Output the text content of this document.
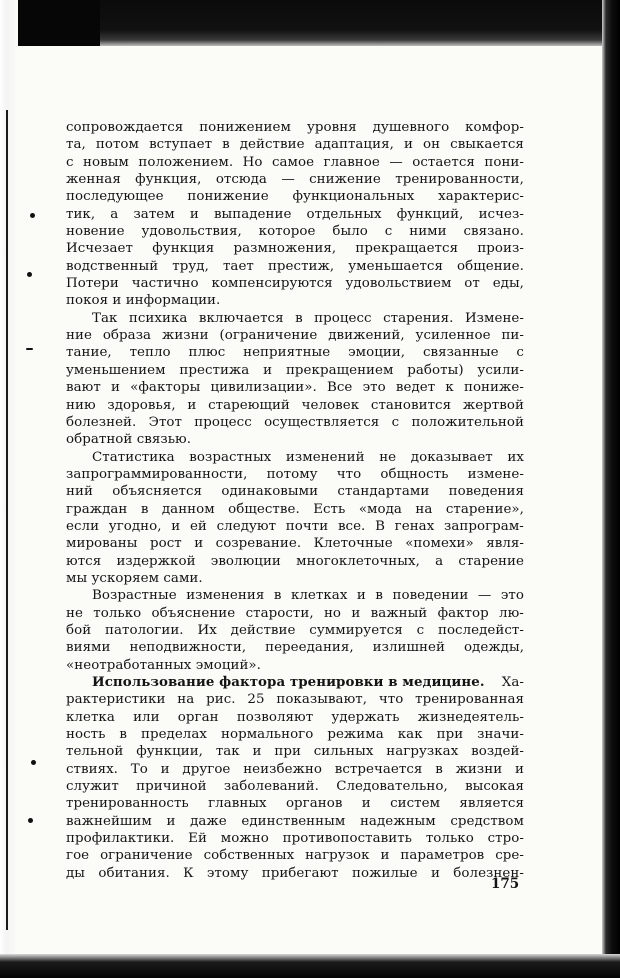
сопровождается понижением уровня душевного комфор-
та, потом вступает в действие адаптация, и он свыкается
с новым положением. Но самое главное — остается пони-
женная функция, отсюда — снижение тренированности,
последующее понижение функциональных характерис-
тик, а затем и выпадение отдельных функций, исчез-
новение удовольствия, которое было с ними связано.
Исчезает функция размножения, прекращается произ-
водственный труд, тает престиж, уменьшается общение.
Потери частично компенсируются удовольствием от еды,
покоя и информации.
Так психика включается в процесс старения. Измене-
ние образа жизни (ограничение движений, усиленное пи-
тание, тепло плюс неприятные эмоции, связанные с
уменьшением престижа и прекращением работы) усили-
вают и «факторы цивилизации». Все это ведет к пониже-
нию здоровья, и стареющий человек становится жертвой
болезней. Этот процесс осуществляется с положительной
обратной связью.
Статистика возрастных изменений не доказывает их
запрограммированности, потому что общность измене-
ний объясняется одинаковыми стандартами поведения
граждан в данном обществе. Есть «мода на старение»,
если угодно, и ей следуют почти все. В генах запрограм-
мированы рост и созревание. Клеточные «помехи» явля-
ются издержкой эволюции многоклеточных, а старение
мы ускоряем сами.
Возрастные изменения в клетках и в поведении — это
не только объяснение старости, но и важный фактор лю-
бой патологии. Их действие суммируется с последейст-
виями неподвижности, переедания, излишней одежды,
«неотработанных эмоций».
Использование фактора тренировки в медицине. Ха-
рактеристики на рис. 25 показывают, что тренированная
клетка или орган позволяют удержать жизнедеятель-
ность в пределах нормального режима как при значи-
тельной функции, так и при сильных нагрузках воздей-
ствиях. То и другое неизбежно встречается в жизни и
служит причиной заболеваний. Следовательно, высокая
тренированность главных органов и систем является
важнейшим и даже единственным надежным средством
профилактики. Ей можно противопоставить только стро-
гое ограничение собственных нагрузок и параметров сре-
ды обитания. К этому прибегают пожилые и болезнен-
175
